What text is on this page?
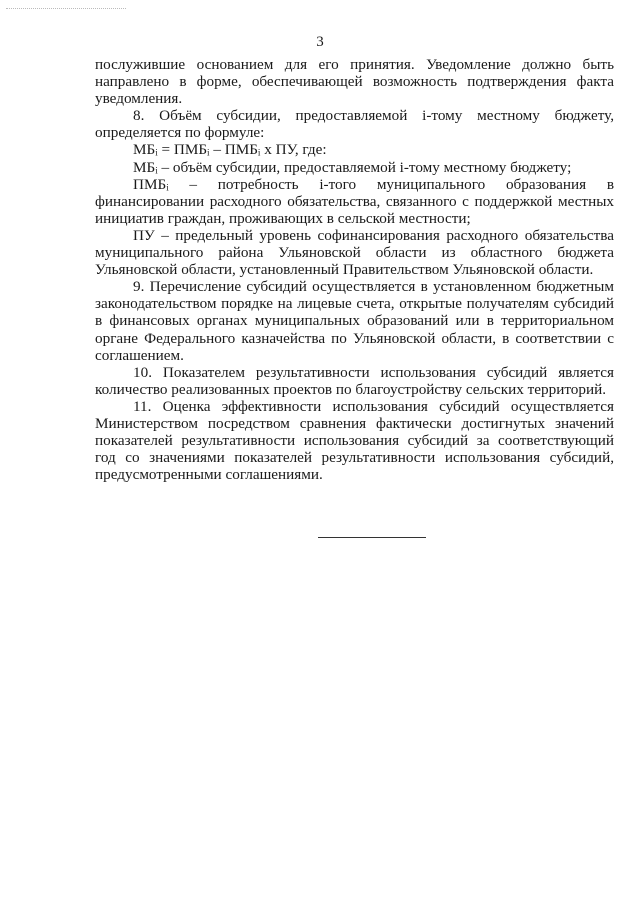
3

послужившие основанием для его принятия. Уведомление должно быть направлено в форме, обеспечивающей возможность подтверждения факта уведомления.

8. Объём субсидии, предоставляемой i-тому местному бюджету, определяется по формуле:

МБᵢ = ПМБᵢ – ПМБᵢ х ПУ, где:

МБᵢ – объём субсидии, предоставляемой i-тому местному бюджету;

ПМБᵢ – потребность i-того муниципального образования в финансировании расходного обязательства, связанного с поддержкой местных инициатив граждан, проживающих в сельской местности;

ПУ – предельный уровень софинансирования расходного обязательства муниципального района Ульяновской области из областного бюджета Ульяновской области, установленный Правительством Ульяновской области.

9. Перечисление субсидий осуществляется в установленном бюджетным законодательством порядке на лицевые счета, открытые получателям субсидий в финансовых органах муниципальных образований или в территориальном органе Федерального казначейства по Ульяновской области, в соответствии с соглашением.

10. Показателем результативности использования субсидий является количество реализованных проектов по благоустройству сельских территорий.

11. Оценка эффективности использования субсидий осуществляется Министерством посредством сравнения фактически достигнутых значений показателей результативности использования субсидий за соответствующий год со значениями показателей результативности использования субсидий, предусмотренными соглашениями.
